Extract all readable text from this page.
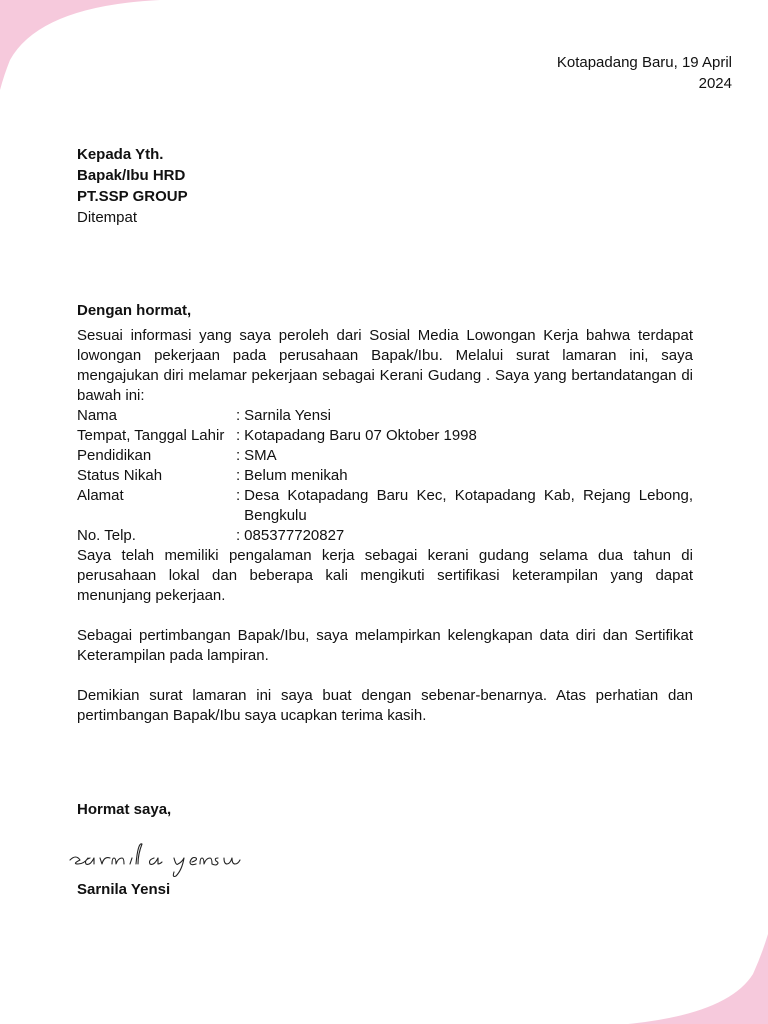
Kotapadang Baru, 19 April
2024
Kepada Yth.
Bapak/Ibu HRD
PT.SSP GROUP
Ditempat
Dengan hormat,
Sesuai informasi yang saya peroleh dari Sosial Media Lowongan Kerja bahwa terdapat lowongan pekerjaan pada perusahaan Bapak/Ibu. Melalui surat lamaran ini, saya mengajukan diri melamar pekerjaan sebagai Kerani Gudang . Saya yang bertandatangan di bawah ini:
Nama	: Sarnila Yensi
Tempat, Tanggal Lahir : Kotapadang Baru 07 Oktober 1998
Pendidikan	: SMA
Status Nikah	: Belum menikah
Alamat	: Desa Kotapadang Baru Kec, Kotapadang Kab, Rejang Lebong, Bengkulu
No. Telp.	: 085377720827
Saya telah memiliki pengalaman kerja sebagai kerani gudang selama dua tahun di perusahaan lokal dan beberapa kali mengikuti sertifikasi keterampilan yang dapat menunjang pekerjaan.
Sebagai pertimbangan Bapak/Ibu, saya melampirkan kelengkapan data diri dan Sertifikat Keterampilan pada lampiran.
Demikian surat lamaran ini saya buat dengan sebenar-benarnya. Atas perhatian dan pertimbangan Bapak/Ibu saya ucapkan terima kasih.
Hormat saya,
Sarnila Yensi
